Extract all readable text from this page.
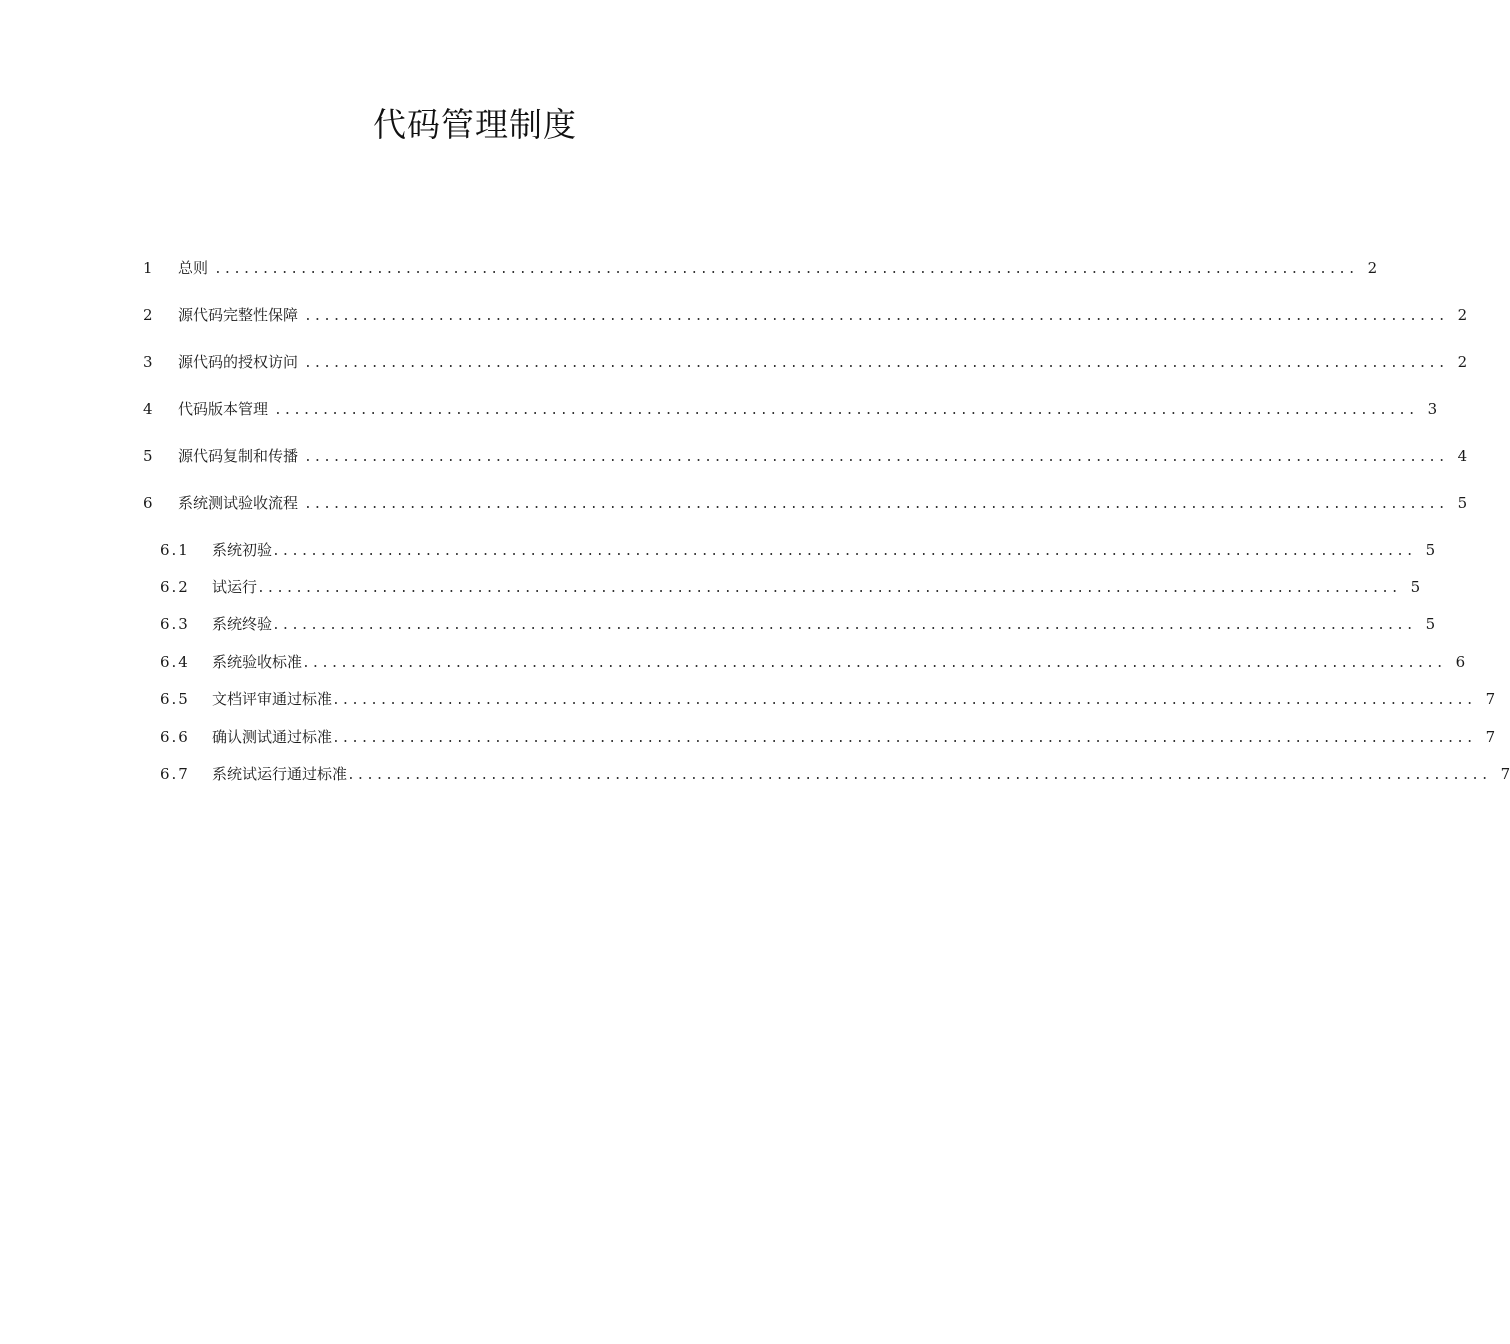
代码管理制度
1	总则 ........................................................................................................................ 2
2	源代码完整性保障 ........................................................................................................................ 2
3	源代码的授权访问 ........................................................................................................................ 2
4	代码版本管理 ........................................................................................................................ 3
5	源代码复制和传播 ........................................................................................................................ 4
6	系统测试验收流程 ........................................................................................................................ 5
6.1	系统初验 ........................................................................................................................ 5
6.2	试运行 ........................................................................................................................ 5
6.3	系统终验 ........................................................................................................................ 5
6.4	系统验收标准 ........................................................................................................................ 6
6.5	文档评审通过标准 ........................................................................................................................ 7
6.6	确认测试通过标准 ........................................................................................................................ 7
6.7	系统试运行通过标准 ........................................................................................................................ 7
